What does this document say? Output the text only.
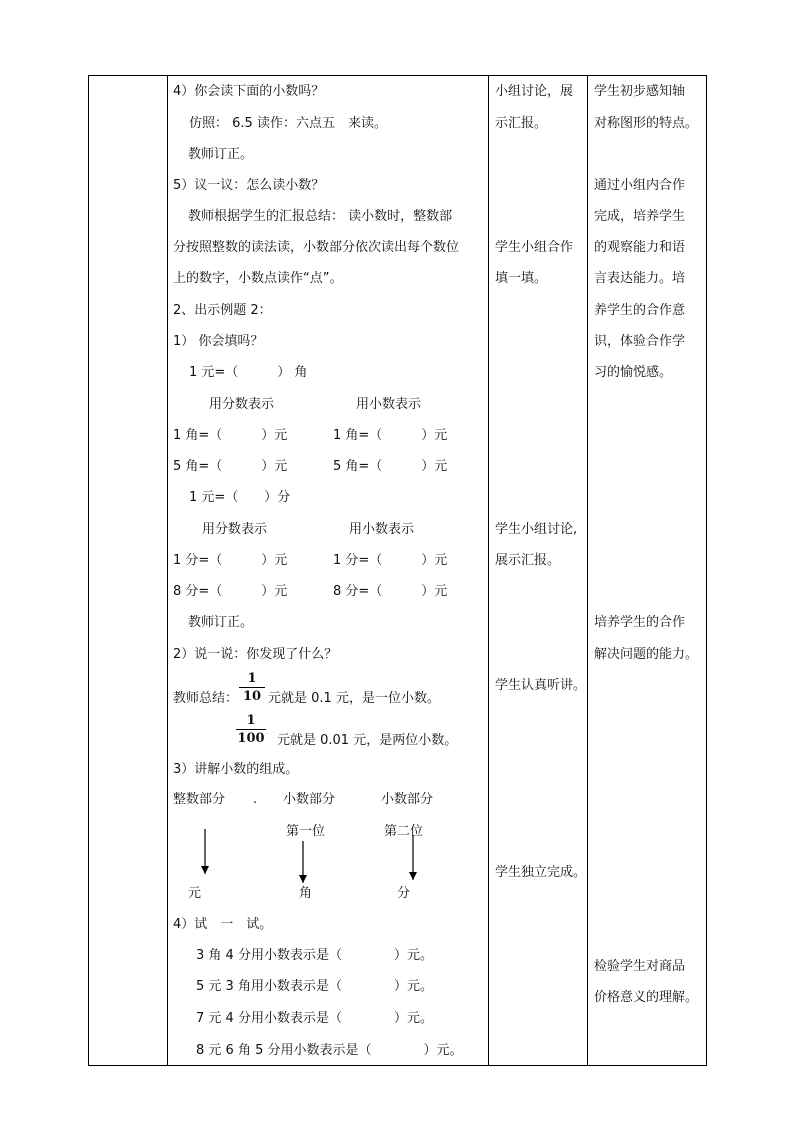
4）你会读下面的小数吗？
仿照： 6.5 读作：六点五　来读。
教师订正。
5）议一议：怎么读小数？
教师根据学生的汇报总结： 读小数时，整数部
分按照整数的读法读，小数部分依次读出每个数位
上的数字，小数点读作“点”。
2、出示例题 2：
1） 你会填吗？
1 元=（　　　） 角
用分数表示	用小数表示
1 角=（　　　）元	1 角=（　　　）元
5 角=（　　　）元	5 角=（　　　）元
1 元=（　　）分
用分数表示	用小数表示
1 分=（　　　）元	1 分=（　　　）元
8 分=（　　　）元	8 分=（　　　）元
教师订正。
2）说一说：你发现了什么？
教师总结：
1
10 元就是 0.1 元，是一位小数。
1
100 元就是 0.01 元，是两位小数。
3）讲解小数的组成。
整数部分 . 小数部分	小数部分
第一位	第二位
元	角	分
4）试　一　试。
3 角 4 分用小数表示是（　　　　）元。
5 元 3 角用小数表示是（　　　　）元。
7 元 4 分用小数表示是（　　　　）元。
8 元 6 角 5 分用小数表示是（　　　　）元。
小组讨论，展
示汇报。
学生小组合作
填一填。
学生小组讨论,
展示汇报。
学生认真听讲。
学生独立完成。
学生初步感知轴
对称图形的特点。
通过小组内合作
完成，培养学生
的观察能力和语
言表达能力。培
养学生的合作意
识，体验合作学
习的愉悦感。
培养学生的合作
解决问题的能力。
检验学生对商品
价格意义的理解。
